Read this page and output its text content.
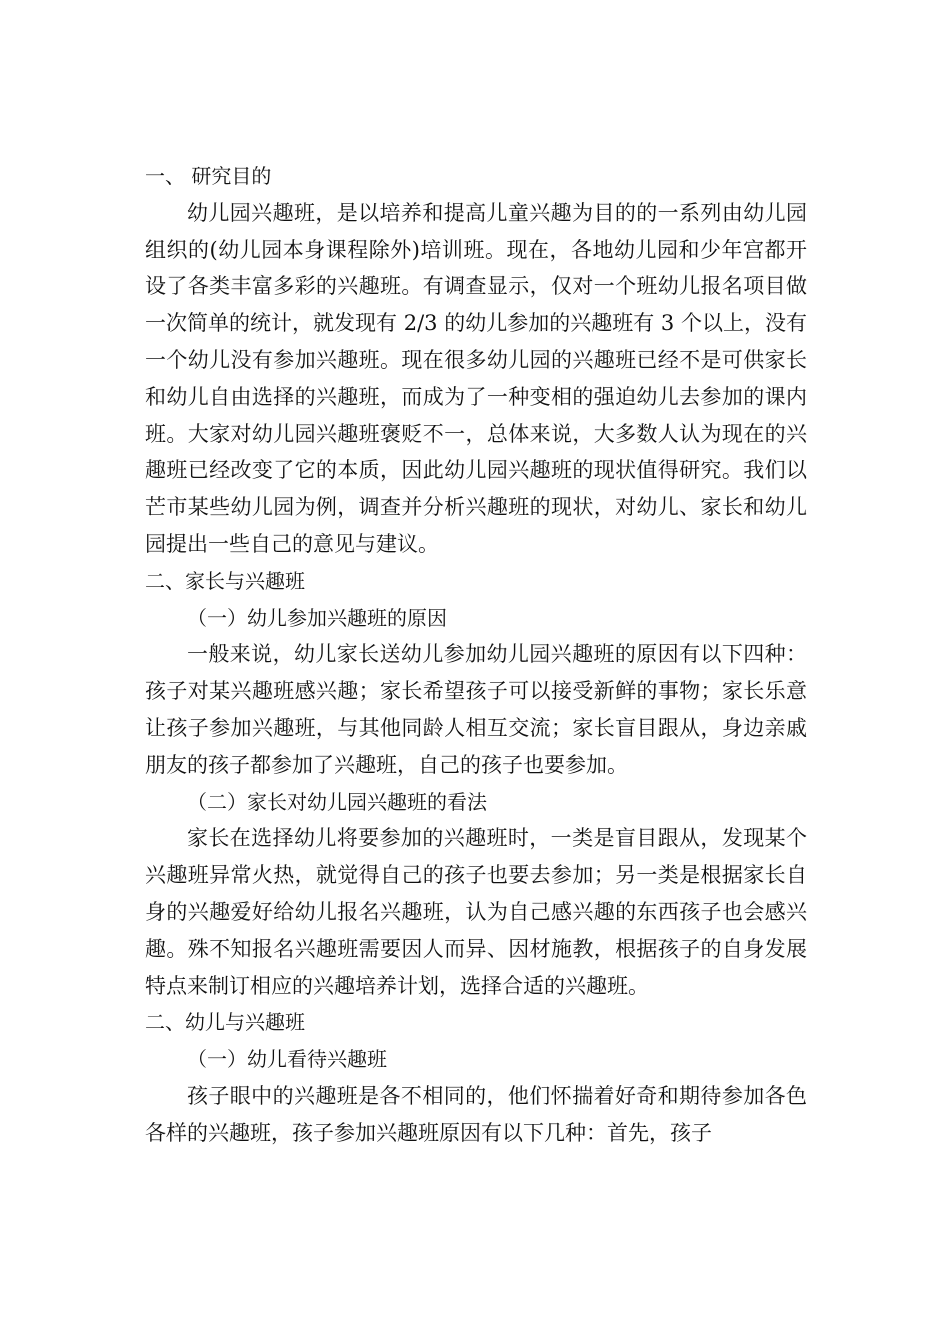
一、 研究目的

幼儿园兴趣班，是以培养和提高儿童兴趣为目的的一系列由幼儿园组织的(幼儿园本身课程除外)培训班。现在，各地幼儿园和少年宫都开设了各类丰富多彩的兴趣班。有调查显示，仅对一个班幼儿报名项目做一次简单的统计，就发现有 2/3 的幼儿参加的兴趣班有 3 个以上，没有一个幼儿没有参加兴趣班。现在很多幼儿园的兴趣班已经不是可供家长和幼儿自由选择的兴趣班，而成为了一种变相的强迫幼儿去参加的课内班。大家对幼儿园兴趣班褒贬不一，总体来说，大多数人认为现在的兴趣班已经改变了它的本质，因此幼儿园兴趣班的现状值得研究。我们以芒市某些幼儿园为例，调查并分析兴趣班的现状，对幼儿、家长和幼儿园提出一些自己的意见与建议。

二、家长与兴趣班

（一）幼儿参加兴趣班的原因

一般来说，幼儿家长送幼儿参加幼儿园兴趣班的原因有以下四种：孩子对某兴趣班感兴趣；家长希望孩子可以接受新鲜的事物；家长乐意让孩子参加兴趣班，与其他同龄人相互交流；家长盲目跟从，身边亲戚朋友的孩子都参加了兴趣班，自己的孩子也要参加。

（二）家长对幼儿园兴趣班的看法

家长在选择幼儿将要参加的兴趣班时，一类是盲目跟从，发现某个兴趣班异常火热，就觉得自己的孩子也要去参加；另一类是根据家长自身的兴趣爱好给幼儿报名兴趣班，认为自己感兴趣的东西孩子也会感兴趣。殊不知报名兴趣班需要因人而异、因材施教，根据孩子的自身发展特点来制订相应的兴趣培养计划，选择合适的兴趣班。

二、幼儿与兴趣班

（一）幼儿看待兴趣班

孩子眼中的兴趣班是各不相同的，他们怀揣着好奇和期待参加各色各样的兴趣班，孩子参加兴趣班原因有以下几种：首先，孩子
